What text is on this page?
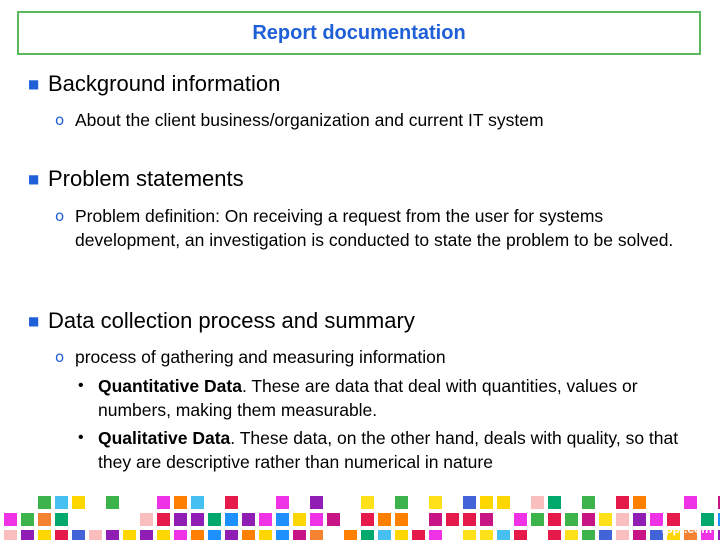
Report documentation
■ Background information
o About the client business/organization and current IT system
■ Problem statements
o Problem definition: On receiving a request from the user for systems development, an investigation is conducted to state the problem to be solved.
■ Data collection process and summary
o process of gathering and measuring information
• Quantitative Data. These are data that deal with quantities, values or numbers, making them measurable.
• Qualitative Data. These data, on the other hand, deals with quality, so that they are descriptive rather than numerical in nature
fppt.com
